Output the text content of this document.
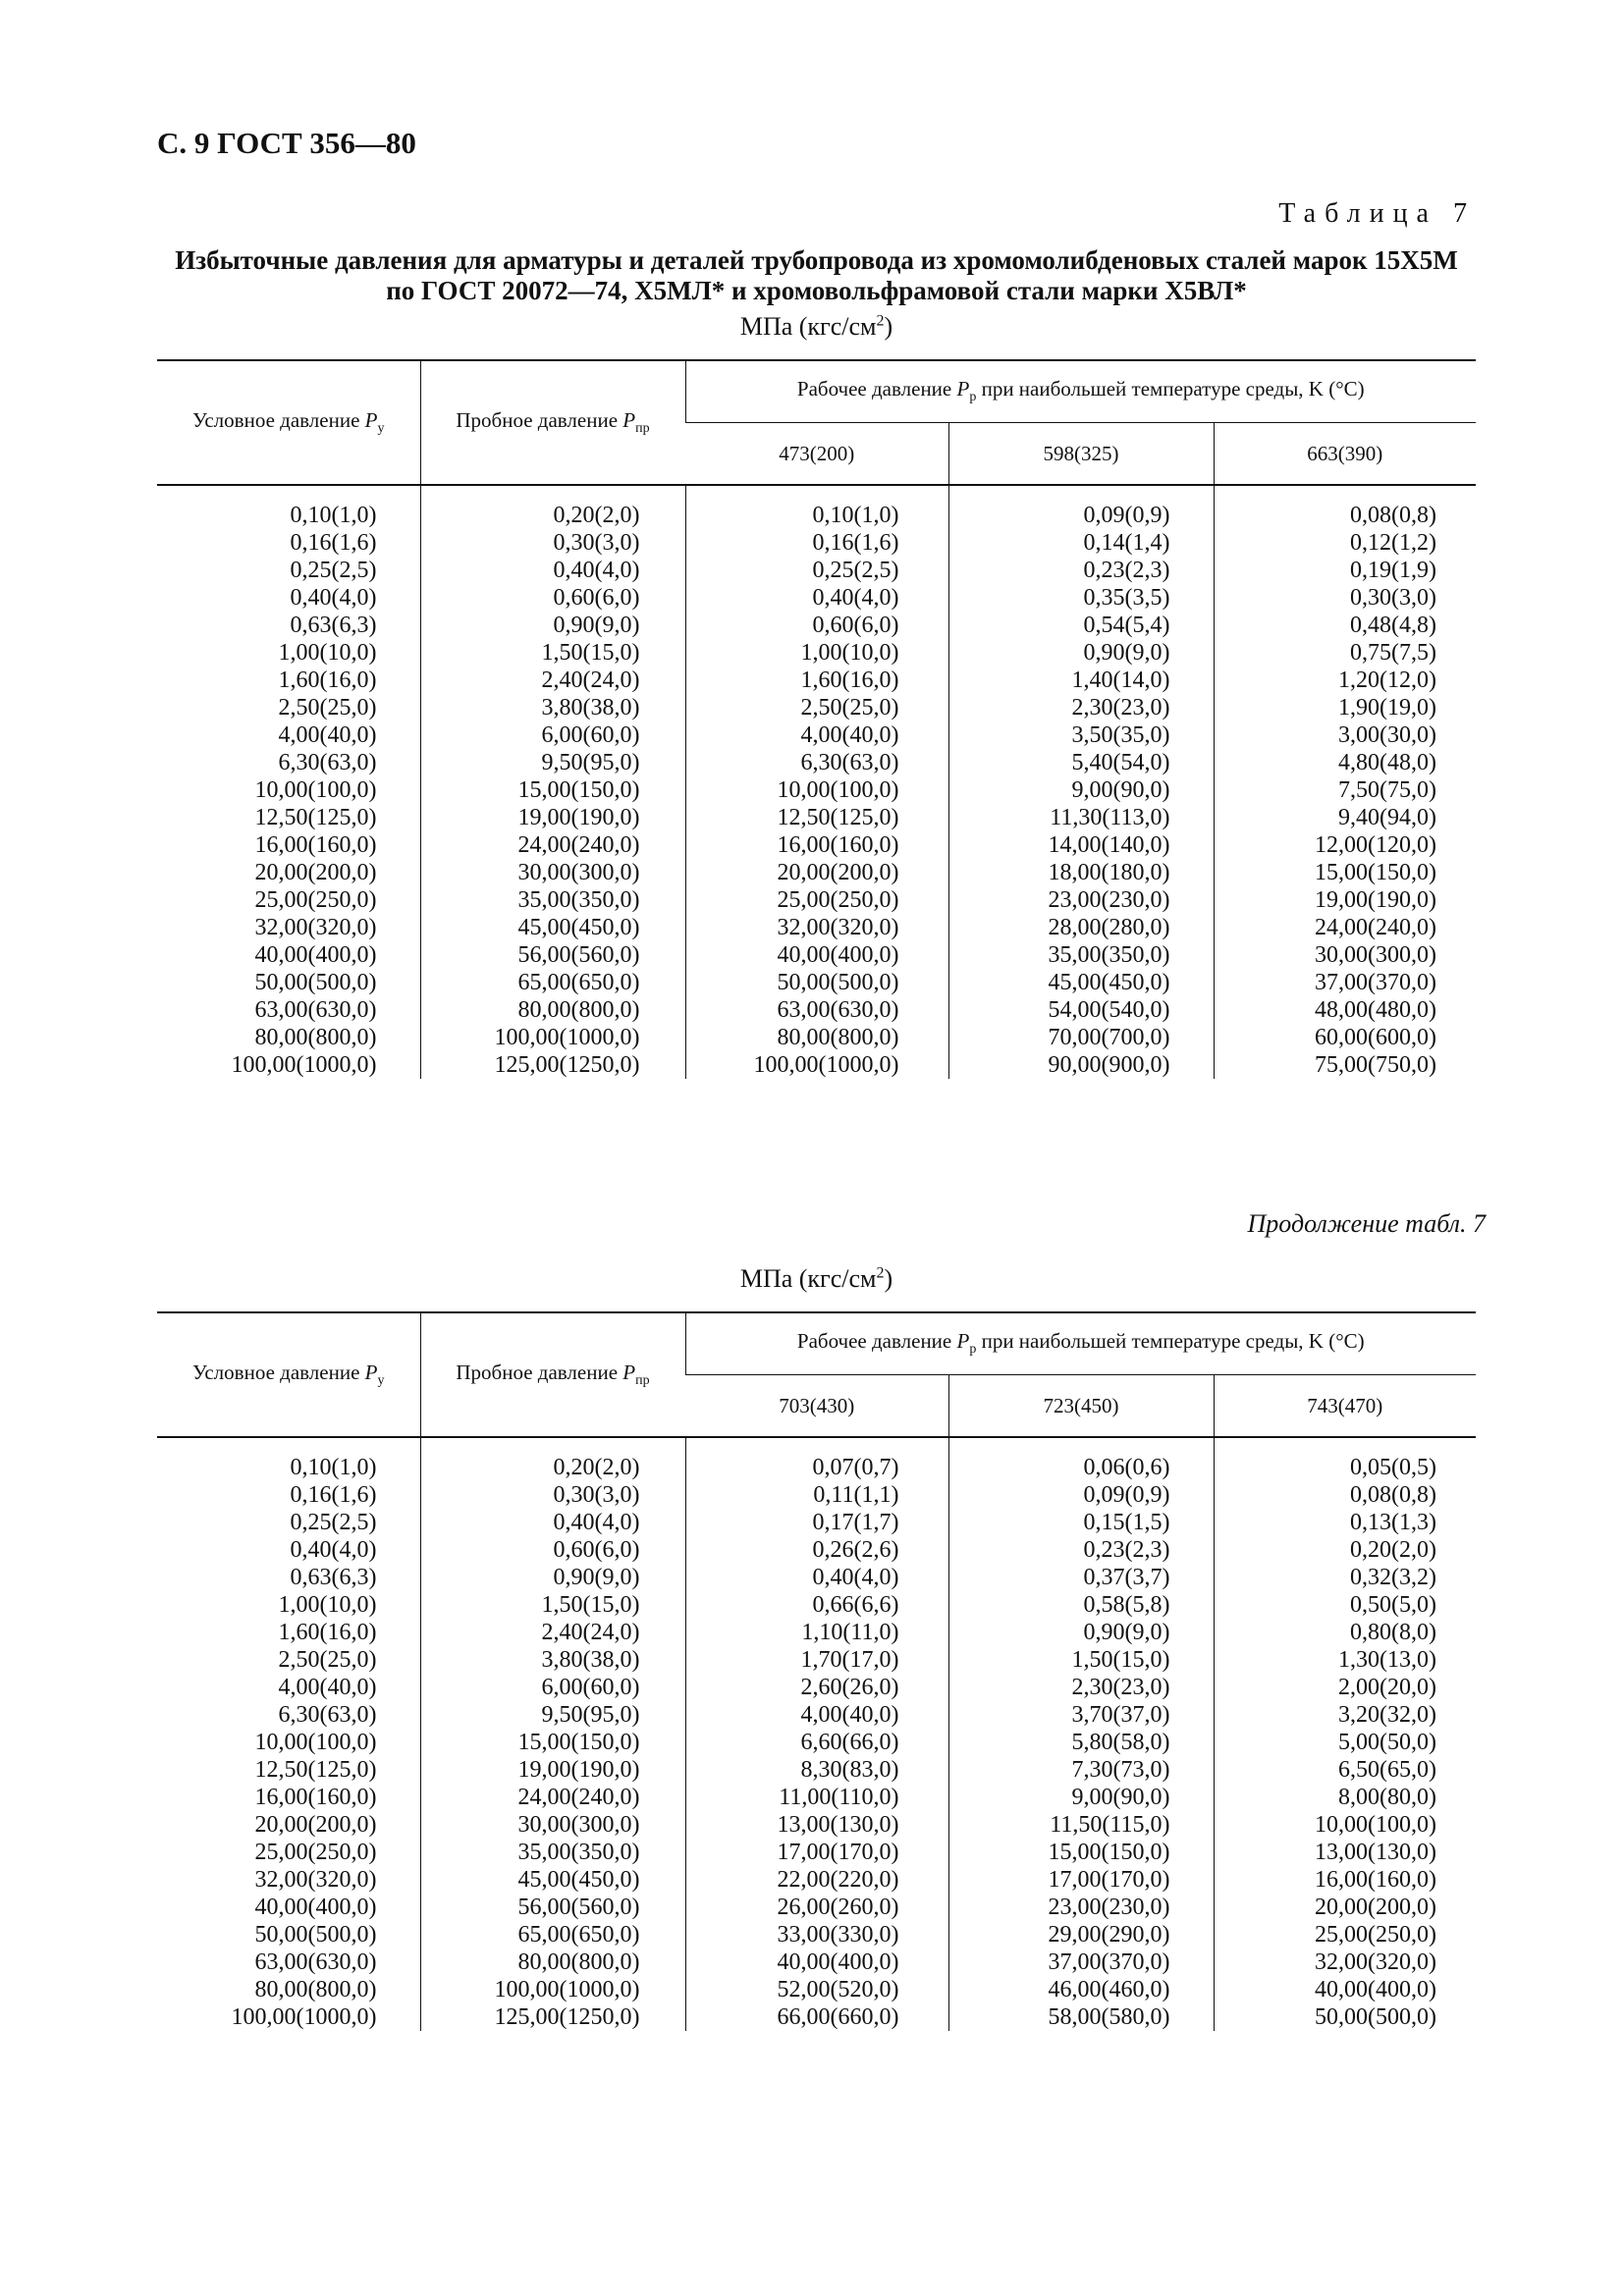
С. 9 ГОСТ 356—80
Таблица 7
Избыточные давления для арматуры и деталей трубопровода из хромомолибденовых сталей марок 15Х5М
по ГОСТ 20072—74, Х5МЛ* и хромовольфрамовой стали марки Х5ВЛ*
МПа $(кгс/см^2)$
Условное давление $P_у$	Пробное давление $P_{пр}$	Рабочее давление $P_р$ при наибольшей температуре среды, K (°С)		
		473(200)	598(325)	663(390)
0,10(1,0)	0,20(2,0)	0,10(1,0)	0,09(0,9)	0,08(0,8)
0,16(1,6)	0,30(3,0)	0,16(1,6)	0,14(1,4)	0,12(1,2)
0,25(2,5)	0,40(4,0)	0,25(2,5)	0,23(2,3)	0,19(1,9)
0,40(4,0)	0,60(6,0)	0,40(4,0)	0,35(3,5)	0,30(3,0)
0,63(6,3)	0,90(9,0)	0,60(6,0)	0,54(5,4)	0,48(4,8)
1,00(10,0)	1,50(15,0)	1,00(10,0)	0,90(9,0)	0,75(7,5)
1,60(16,0)	2,40(24,0)	1,60(16,0)	1,40(14,0)	1,20(12,0)
2,50(25,0)	3,80(38,0)	2,50(25,0)	2,30(23,0)	1,90(19,0)
4,00(40,0)	6,00(60,0)	4,00(40,0)	3,50(35,0)	3,00(30,0)
6,30(63,0)	9,50(95,0)	6,30(63,0)	5,40(54,0)	4,80(48,0)
10,00(100,0)	15,00(150,0)	10,00(100,0)	9,00(90,0)	7,50(75,0)
12,50(125,0)	19,00(190,0)	12,50(125,0)	11,30(113,0)	9,40(94,0)
16,00(160,0)	24,00(240,0)	16,00(160,0)	14,00(140,0)	12,00(120,0)
20,00(200,0)	30,00(300,0)	20,00(200,0)	18,00(180,0)	15,00(150,0)
25,00(250,0)	35,00(350,0)	25,00(250,0)	23,00(230,0)	19,00(190,0)
32,00(320,0)	45,00(450,0)	32,00(320,0)	28,00(280,0)	24,00(240,0)
40,00(400,0)	56,00(560,0)	40,00(400,0)	35,00(350,0)	30,00(300,0)
50,00(500,0)	65,00(650,0)	50,00(500,0)	45,00(450,0)	37,00(370,0)
63,00(630,0)	80,00(800,0)	63,00(630,0)	54,00(540,0)	48,00(480,0)
80,00(800,0)	100,00(1000,0)	80,00(800,0)	70,00(700,0)	60,00(600,0)
100,00(1000,0)	125,00(1250,0)	100,00(1000,0)	90,00(900,0)	75,00(750,0)
Продолжение табл. 7
МПа $(кгс/см^2)$
Условное давление $P_у$	Пробное давление $P_{пр}$	Рабочее давление $P_р$ при наибольшей температуре среды, K (°С)		
		703(430)	723(450)	743(470)
0,10(1,0)	0,20(2,0)	0,07(0,7)	0,06(0,6)	0,05(0,5)
0,16(1,6)	0,30(3,0)	0,11(1,1)	0,09(0,9)	0,08(0,8)
0,25(2,5)	0,40(4,0)	0,17(1,7)	0,15(1,5)	0,13(1,3)
0,40(4,0)	0,60(6,0)	0,26(2,6)	0,23(2,3)	0,20(2,0)
0,63(6,3)	0,90(9,0)	0,40(4,0)	0,37(3,7)	0,32(3,2)
1,00(10,0)	1,50(15,0)	0,66(6,6)	0,58(5,8)	0,50(5,0)
1,60(16,0)	2,40(24,0)	1,10(11,0)	0,90(9,0)	0,80(8,0)
2,50(25,0)	3,80(38,0)	1,70(17,0)	1,50(15,0)	1,30(13,0)
4,00(40,0)	6,00(60,0)	2,60(26,0)	2,30(23,0)	2,00(20,0)
6,30(63,0)	9,50(95,0)	4,00(40,0)	3,70(37,0)	3,20(32,0)
10,00(100,0)	15,00(150,0)	6,60(66,0)	5,80(58,0)	5,00(50,0)
12,50(125,0)	19,00(190,0)	8,30(83,0)	7,30(73,0)	6,50(65,0)
16,00(160,0)	24,00(240,0)	11,00(110,0)	9,00(90,0)	8,00(80,0)
20,00(200,0)	30,00(300,0)	13,00(130,0)	11,50(115,0)	10,00(100,0)
25,00(250,0)	35,00(350,0)	17,00(170,0)	15,00(150,0)	13,00(130,0)
32,00(320,0)	45,00(450,0)	22,00(220,0)	17,00(170,0)	16,00(160,0)
40,00(400,0)	56,00(560,0)	26,00(260,0)	23,00(230,0)	20,00(200,0)
50,00(500,0)	65,00(650,0)	33,00(330,0)	29,00(290,0)	25,00(250,0)
63,00(630,0)	80,00(800,0)	40,00(400,0)	37,00(370,0)	32,00(320,0)
80,00(800,0)	100,00(1000,0)	52,00(520,0)	46,00(460,0)	40,00(400,0)
100,00(1000,0)	125,00(1250,0)	66,00(660,0)	58,00(580,0)	50,00(500,0)
